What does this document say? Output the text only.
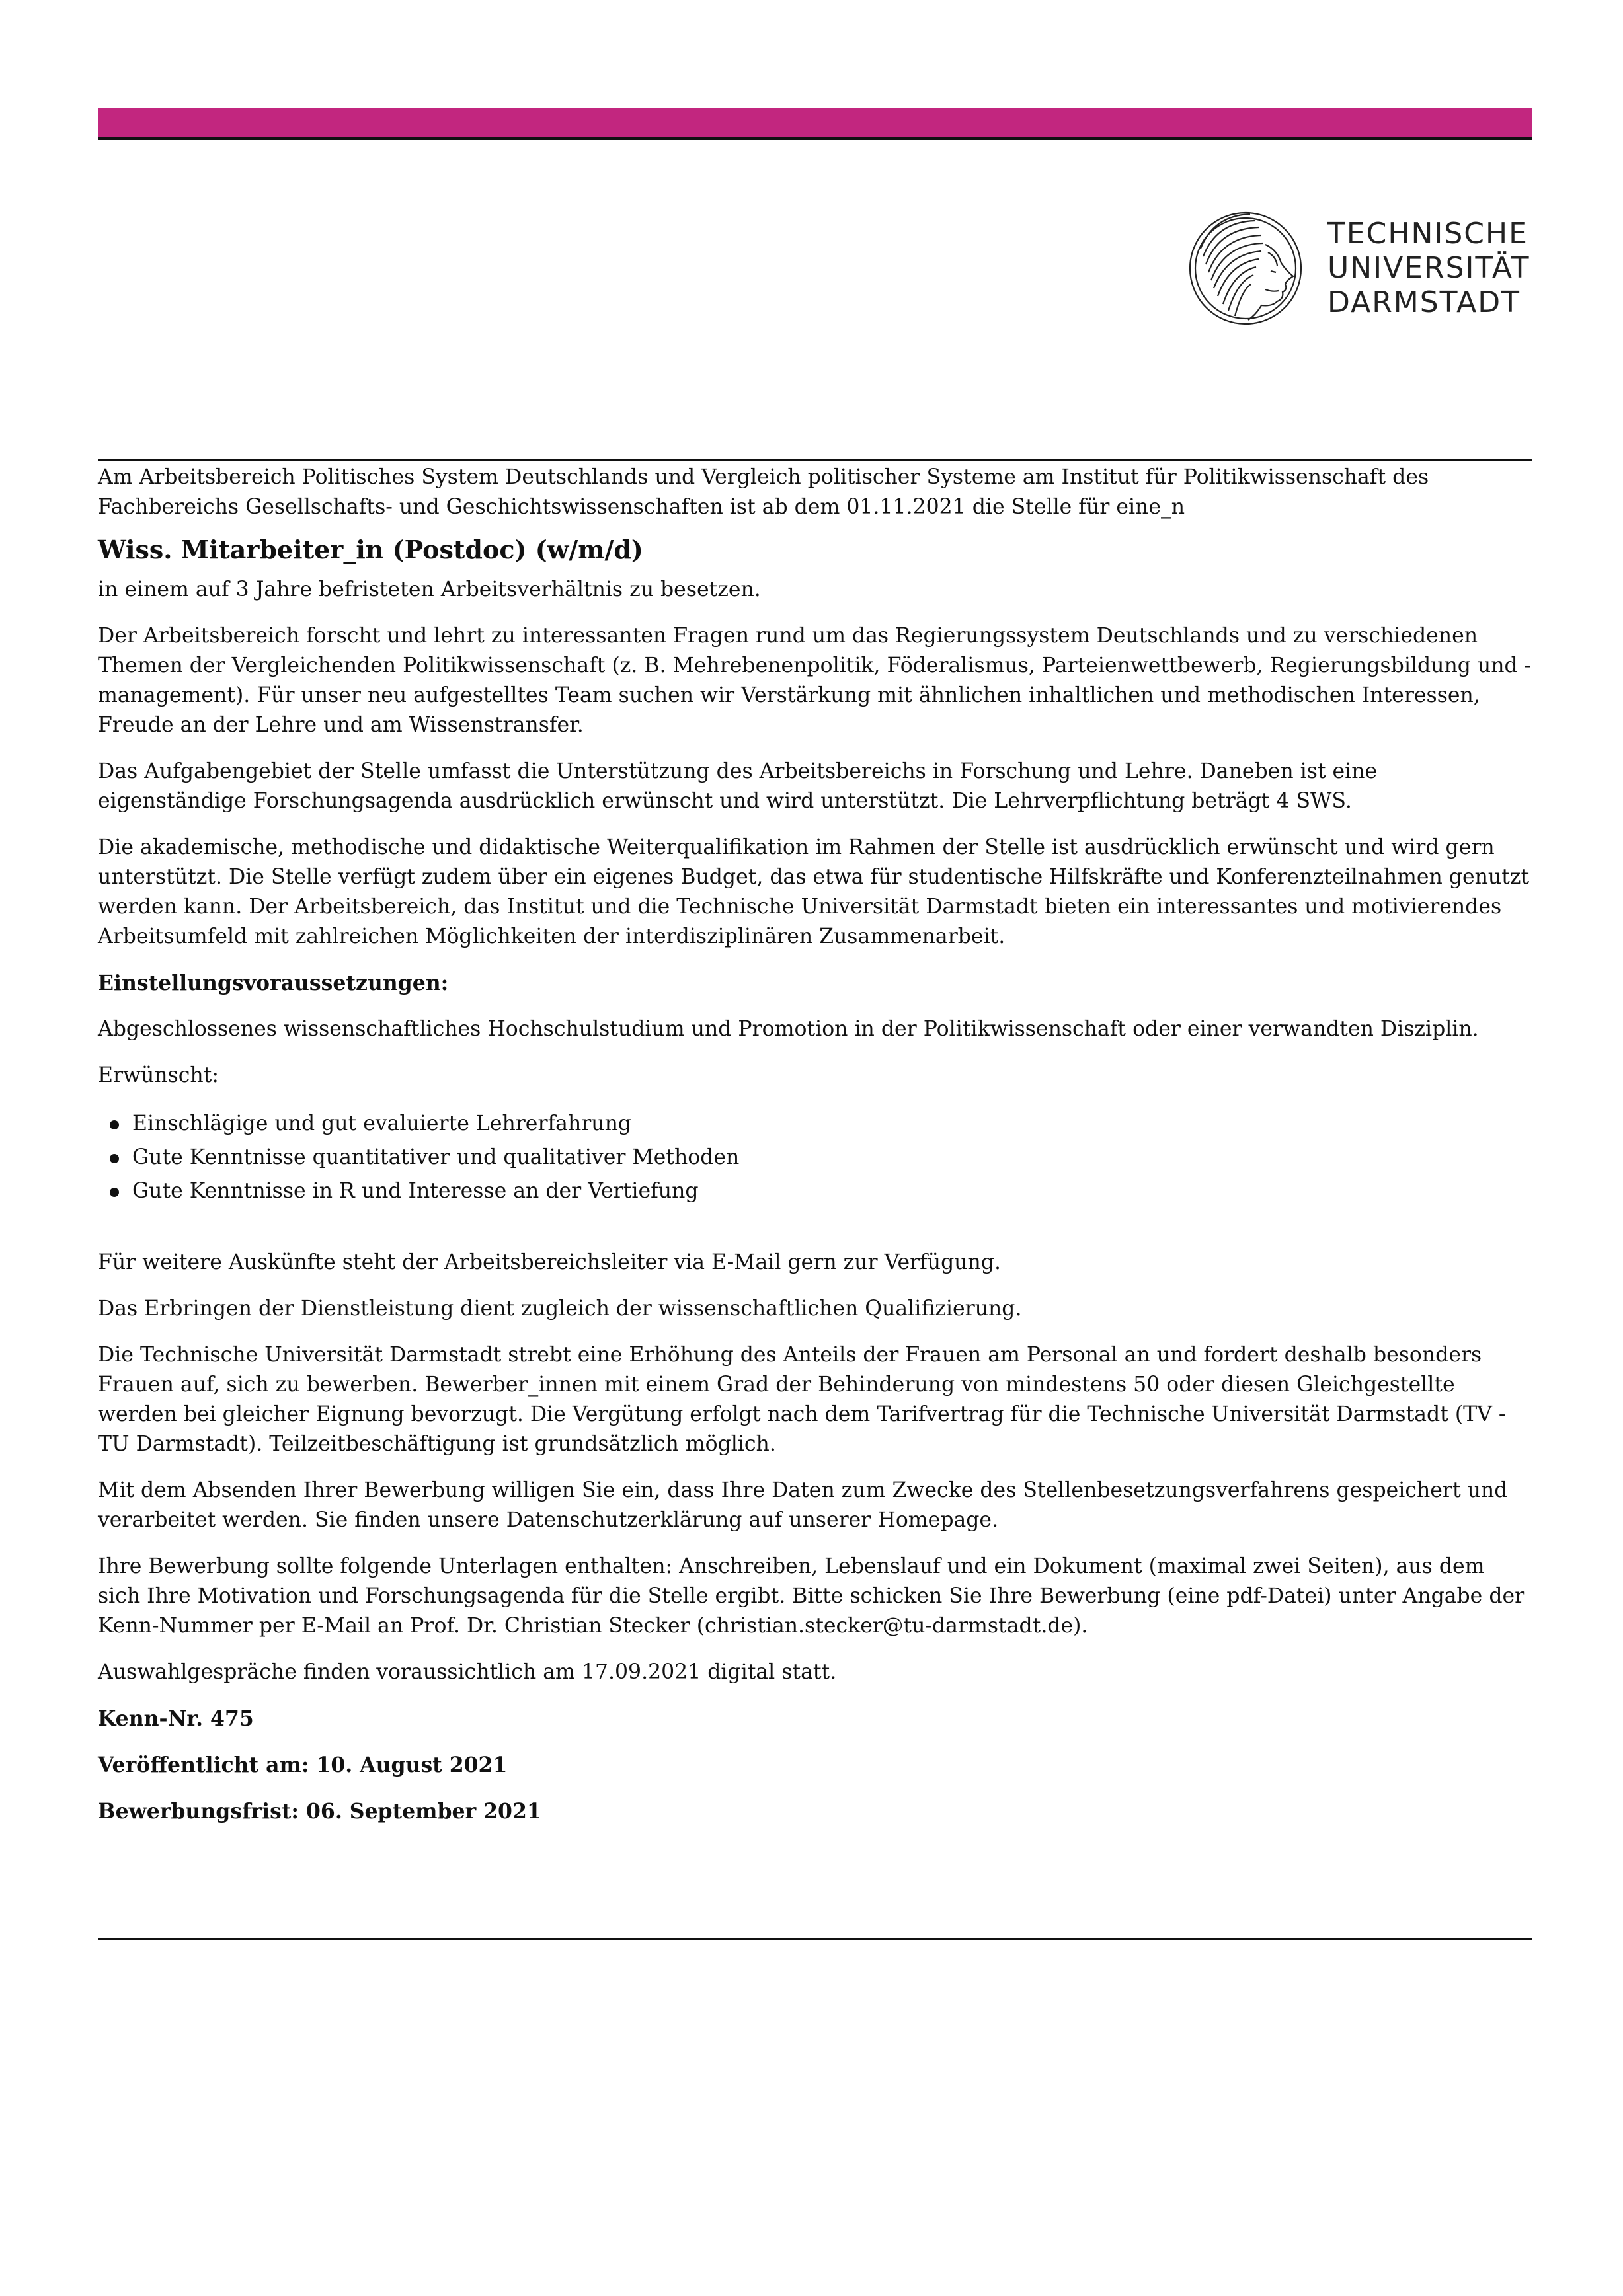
TECHNISCHE
UNIVERSITÄT
DARMSTADT

Am Arbeitsbereich Politisches System Deutschlands und Vergleich politischer Systeme am Institut für Politikwissenschaft des Fachbereichs Gesellschafts- und Geschichtswissenschaften ist ab dem 01.11.2021 die Stelle für eine_n

Wiss. Mitarbeiter_in (Postdoc) (w/m/d)

in einem auf 3 Jahre befristeten Arbeitsverhältnis zu besetzen.

Der Arbeitsbereich forscht und lehrt zu interessanten Fragen rund um das Regierungssystem Deutschlands und zu verschiedenen Themen der Vergleichenden Politikwissenschaft (z. B. Mehrebenenpolitik, Föderalismus, Parteienwettbewerb, Regierungsbildung und -management). Für unser neu aufgestelltes Team suchen wir Verstärkung mit ähnlichen inhaltlichen und methodischen Interessen, Freude an der Lehre und am Wissenstransfer.

Das Aufgabengebiet der Stelle umfasst die Unterstützung des Arbeitsbereichs in Forschung und Lehre. Daneben ist eine eigenständige Forschungsagenda ausdrücklich erwünscht und wird unterstützt. Die Lehrverpflichtung beträgt 4 SWS.

Die akademische, methodische und didaktische Weiterqualifikation im Rahmen der Stelle ist ausdrücklich erwünscht und wird gern unterstützt. Die Stelle verfügt zudem über ein eigenes Budget, das etwa für studentische Hilfskräfte und Konferenzteilnahmen genutzt werden kann. Der Arbeitsbereich, das Institut und die Technische Universität Darmstadt bieten ein interessantes und motivierendes Arbeitsumfeld mit zahlreichen Möglichkeiten der interdisziplinären Zusammenarbeit.

Einstellungsvoraussetzungen:

Abgeschlossenes wissenschaftliches Hochschulstudium und Promotion in der Politikwissenschaft oder einer verwandten Disziplin.

Erwünscht:

Einschlägige und gut evaluierte Lehrerfahrung
Gute Kenntnisse quantitativer und qualitativer Methoden
Gute Kenntnisse in R und Interesse an der Vertiefung

Für weitere Auskünfte steht der Arbeitsbereichsleiter via E-Mail gern zur Verfügung.

Das Erbringen der Dienstleistung dient zugleich der wissenschaftlichen Qualifizierung.

Die Technische Universität Darmstadt strebt eine Erhöhung des Anteils der Frauen am Personal an und fordert deshalb besonders Frauen auf, sich zu bewerben. Bewerber_innen mit einem Grad der Behinderung von mindestens 50 oder diesen Gleichgestellte werden bei gleicher Eignung bevorzugt. Die Vergütung erfolgt nach dem Tarifvertrag für die Technische Universität Darmstadt (TV - TU Darmstadt). Teilzeitbeschäftigung ist grundsätzlich möglich.

Mit dem Absenden Ihrer Bewerbung willigen Sie ein, dass Ihre Daten zum Zwecke des Stellenbesetzungsverfahrens gespeichert und verarbeitet werden. Sie finden unsere Datenschutzerklärung auf unserer Homepage.

Ihre Bewerbung sollte folgende Unterlagen enthalten: Anschreiben, Lebenslauf und ein Dokument (maximal zwei Seiten), aus dem sich Ihre Motivation und Forschungsagenda für die Stelle ergibt. Bitte schicken Sie Ihre Bewerbung (eine pdf-Datei) unter Angabe der Kenn-Nummer per E-Mail an Prof. Dr. Christian Stecker (christian.stecker@tu-darmstadt.de).

Auswahlgespräche finden voraussichtlich am 17.09.2021 digital statt.

Kenn-Nr. 475

Veröffentlicht am: 10. August 2021

Bewerbungsfrist: 06. September 2021
